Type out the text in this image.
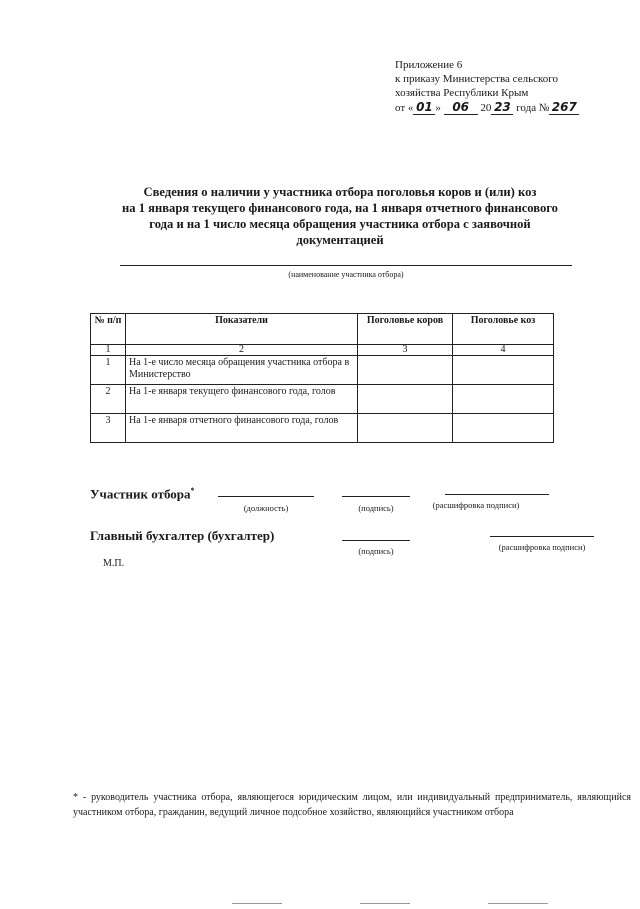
Приложение 6
к приказу Министерства сельского
хозяйства Республики Крым
от « 01 » 06 20 23 года № 267
Сведения о наличии у участника отбора поголовья коров и (или) коз
на 1 января текущего финансового года, на 1 января отчетного финансового
года и на 1 число месяца обращения участника отбора с заявочной
документацией
(наименование участника отбора)
№ п/п	Показатели	Поголовье коров	Поголовье коз
1	2	3	4
1	На 1-е число месяца обращения участника отбора в Министерство		
2	На 1-е января текущего финансового года, голов		
3	На 1-е января отчетного финансового года, голов		
Участник отбора*
(должность)	(подпись)	(расшифровка подписи)
Главный бухгалтер (бухгалтер)
(подпись)	(расшифровка подписи)
М.П.
* - руководитель участника отбора, являющегося юридическим лицом, или индивидуальный предприниматель, являющийся участником отбора, гражданин, ведущий личное подсобное хозяйство, являющийся участником отбора
